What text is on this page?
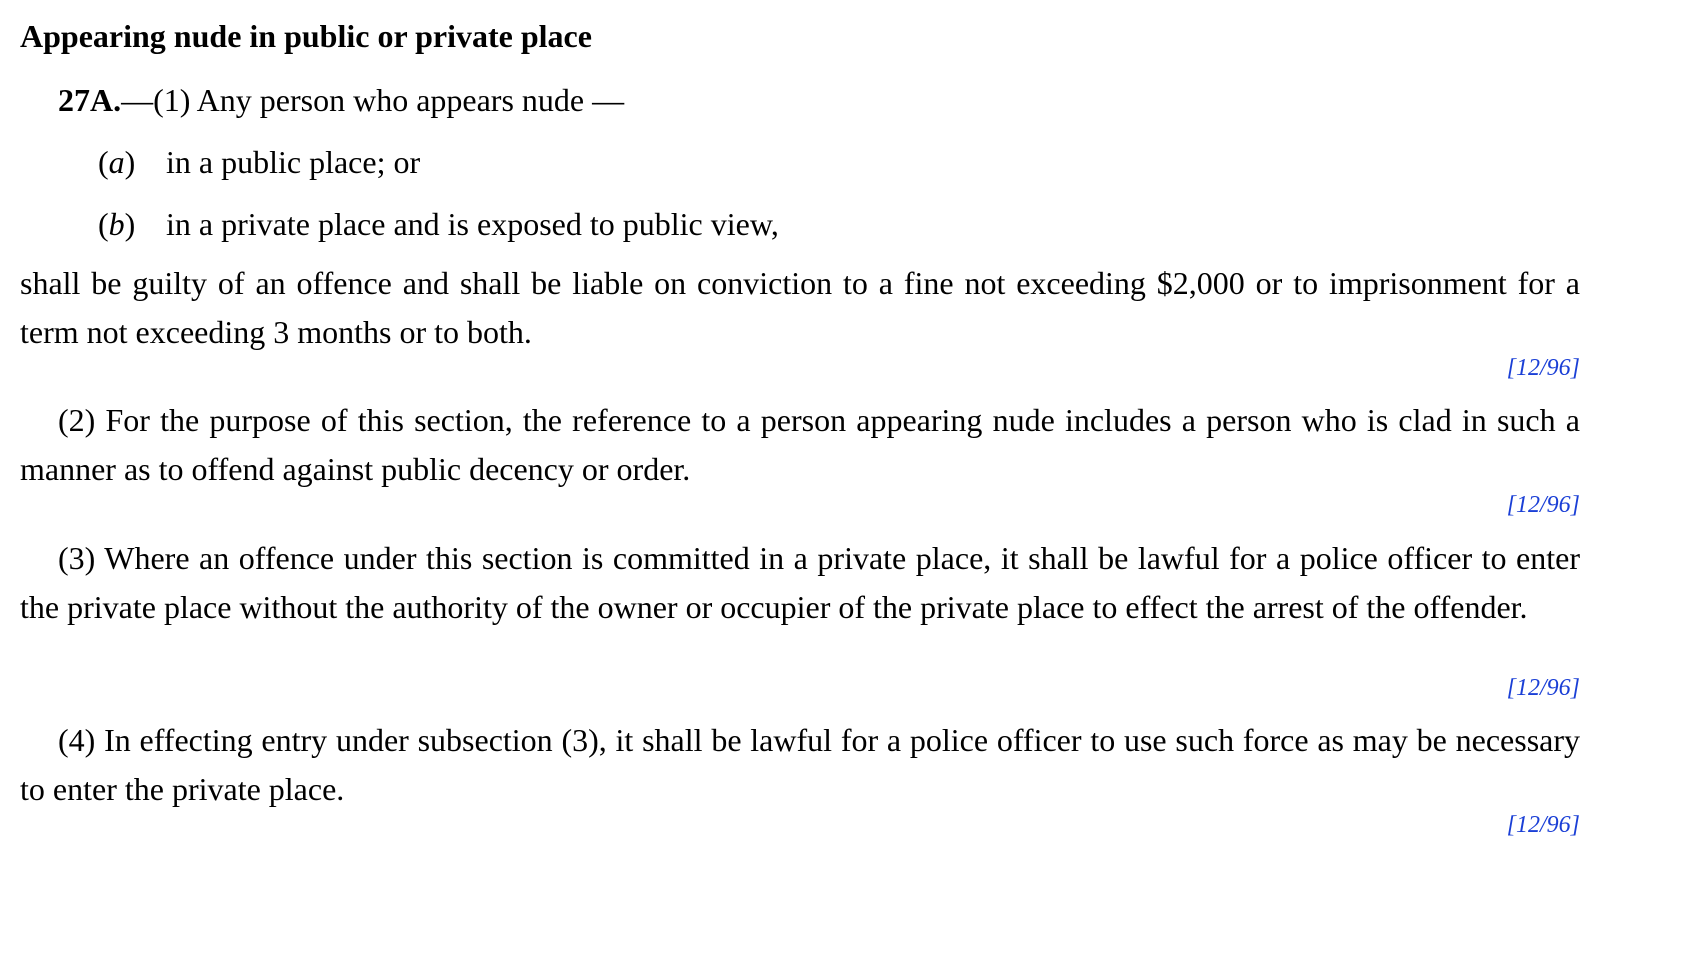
Appearing nude in public or private place
27A.—(1) Any person who appears nude —
(a) in a public place; or
(b) in a private place and is exposed to public view,
shall be guilty of an offence and shall be liable on conviction to a fine not exceeding $2,000 or to imprisonment for a term not exceeding 3 months or to both.
[12/96]
(2) For the purpose of this section, the reference to a person appearing nude includes a person who is clad in such a manner as to offend against public decency or order.
[12/96]
(3) Where an offence under this section is committed in a private place, it shall be lawful for a police officer to enter the private place without the authority of the owner or occupier of the private place to effect the arrest of the offender.
[12/96]
(4) In effecting entry under subsection (3), it shall be lawful for a police officer to use such force as may be necessary to enter the private place.
[12/96]
